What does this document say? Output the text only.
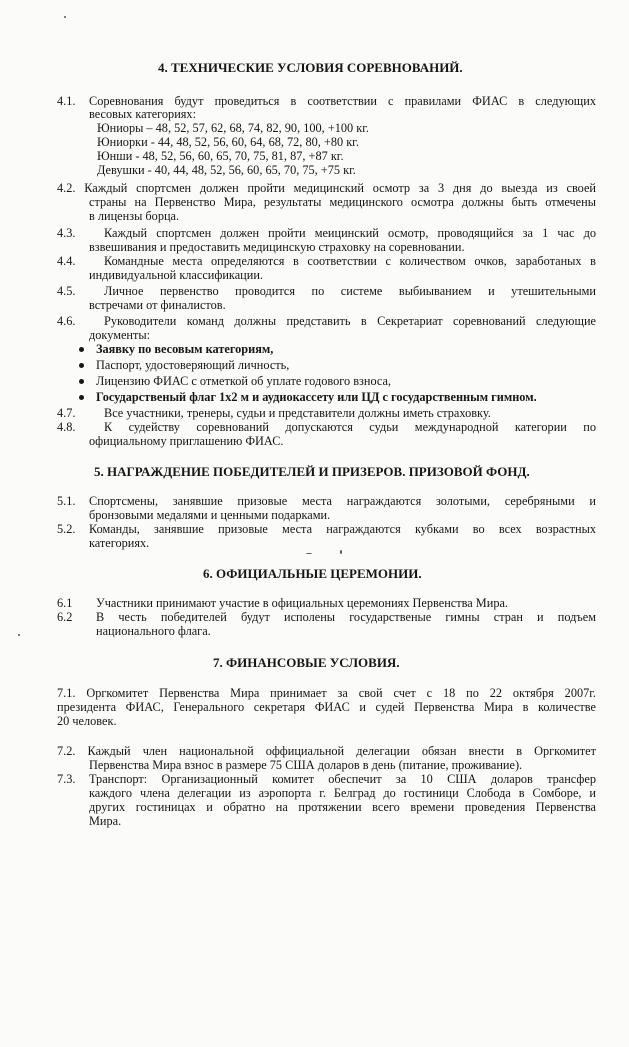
4. ТЕХНИЧЕСКИЕ УСЛОВИЯ СОРЕВНОВАНИЙ.
4.1. Соревнования будут проведиться в соответствии с правилами ФИАС в следующих
весовых категориях:
Юниоры – 48, 52, 57, 62, 68, 74, 82, 90, 100, +100 кг.
Юниорки - 44, 48, 52, 56, 60, 64, 68, 72, 80, +80 кг.
Юнши - 48, 52, 56, 60, 65, 70, 75, 81, 87, +87 кг.
Девушки - 40, 44, 48, 52, 56, 60, 65, 70, 75, +75 кг.
4.2. Каждый спортсмен должен пройти медицинский осмотр за 3 дня до выезда из своей
страны на Первенство Мира, результаты медицинского осмотра должны быть отмечены
в лицензы борца.
4.3. Каждый спортсмен должен пройти меицинский осмотр, проводящийся за 1 час до
взвешивания и предоставить медицинскую страховку на соревновании.
4.4. Командные места определяются в соответствии с количеством очков, заработаных в
индивидуальной классификации.
4.5. Личное первенство проводится по системе выбиыванием и утешительными
встречами от финалистов.
4.6. Руководители команд должны представить в Секретариат соревнований следующие
документы:
Заявку по весовым категориям,
Паспорт, удостоверяющий личность,
Лицензию ФИАС с отметкой об уплате годового взноса,
Государственый флаг 1х2 м и аудиокассету или ЦД с государственным гимном.
4.7. Все участники, тренеры, судьи и представители должны иметь страховку.
4.8. К судейству соревнований допускаются судьи международной категории по
официальному приглашению ФИАС.
5. НАГРАЖДЕНИЕ ПОБЕДИТЕЛЕЙ И ПРИЗЕРОВ. ПРИЗОВОЙ ФОНД.
5.1. Спортсмены, занявшие призовые места награждаются золотыми, серебряными и
бронзовыми медалями и ценными подарками.
5.2. Команды, занявшие призовые места награждаются кубками во всех возрастных
категориях.
6. ОФИЦИАЛЬНЫЕ ЦЕРЕМОНИИ.
6.1 Участники принимают участие в официальных церемониях Первенства Мира.
6.2 В честь победителей будут исполены государственые гимны стран и подъем
национального флага.
7. ФИНАНСОВЫЕ УСЛОВИЯ.
7.1. Оргкомитет Первенства Мира принимает за свой счет с 18 по 22 октября 2007г.
президента ФИАС, Генерального секретаря ФИАС и судей Первенства Мира в количестве
20 человек.
7.2. Каждый член национальной оффициальной делегации обязан внести в Оргкомитет
Первенства Мира взнос в размере 75 США доларов в день (питание, проживание).
7.3. Транспорт: Организационный комитет обеспечит за 10 США доларов трансфер
каждого члена делегации из аэропорта г. Белград до гостиници Слобода в Сомборе, и
других гостиницах и обратно на протяжении всего времени проведения Первенства
Мира.
